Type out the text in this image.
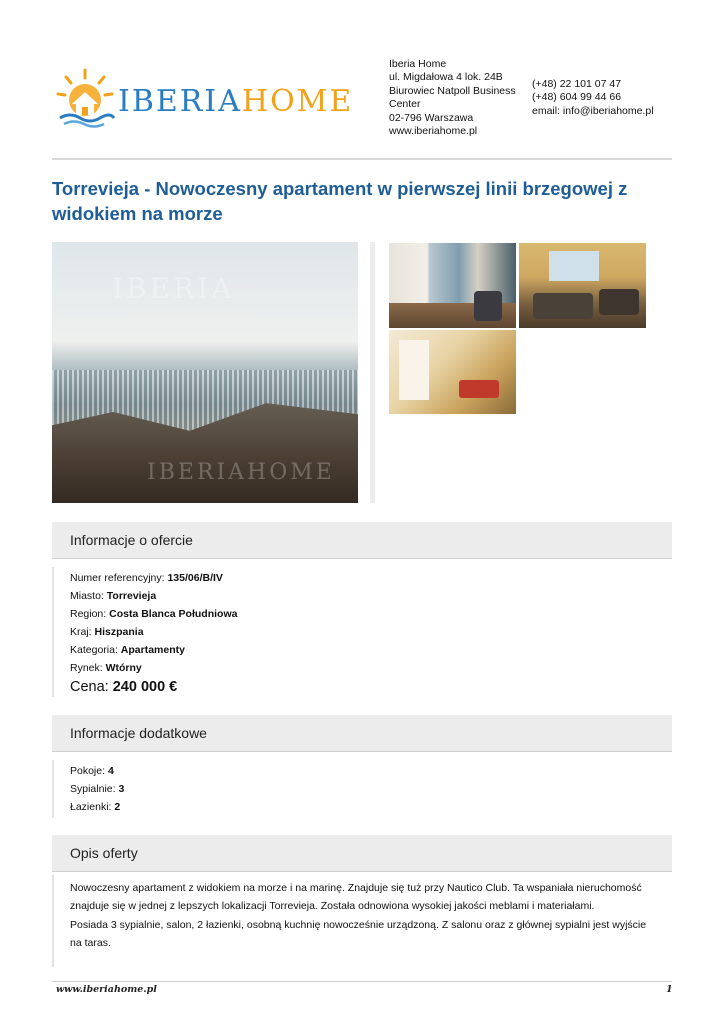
IBERIAHOME
Iberia Home
ul. Migdałowa 4 lok. 24B
Biurowiec Natpoll Business Center
02-796 Warszawa
www.iberiahome.pl
(+48) 22 101 07 47
(+48) 604 99 44 66
email: info@iberiahome.pl
Torrevieja - Nowoczesny apartament w pierwszej linii brzegowej z widokiem na morze
IBERIA
IBERIAHOME
Informacje o ofercie
Numer referencyjny: 135/06/B/IV
Miasto: Torrevieja
Region: Costa Blanca Południowa
Kraj: Hiszpania
Kategoria: Apartamenty
Rynek: Wtórny
Cena: 240 000 €
Informacje dodatkowe
Pokoje: 4
Sypialnie: 3
Łazienki: 2
Opis oferty
Nowoczesny apartament z widokiem na morze i na marinę. Znajduje się tuż przy Nautico Club. Ta wspaniała nieruchomość
znajduje się w jednej z lepszych lokalizacji Torrevieja. Została odnowiona wysokiej jakości meblami i materiałami.
Posiada 3 sypialnie, salon, 2 łazienki, osobną kuchnię nowocześnie urządzoną. Z salonu oraz z głównej sypialni jest wyjście
na taras.
www.iberiahome.pl	1
